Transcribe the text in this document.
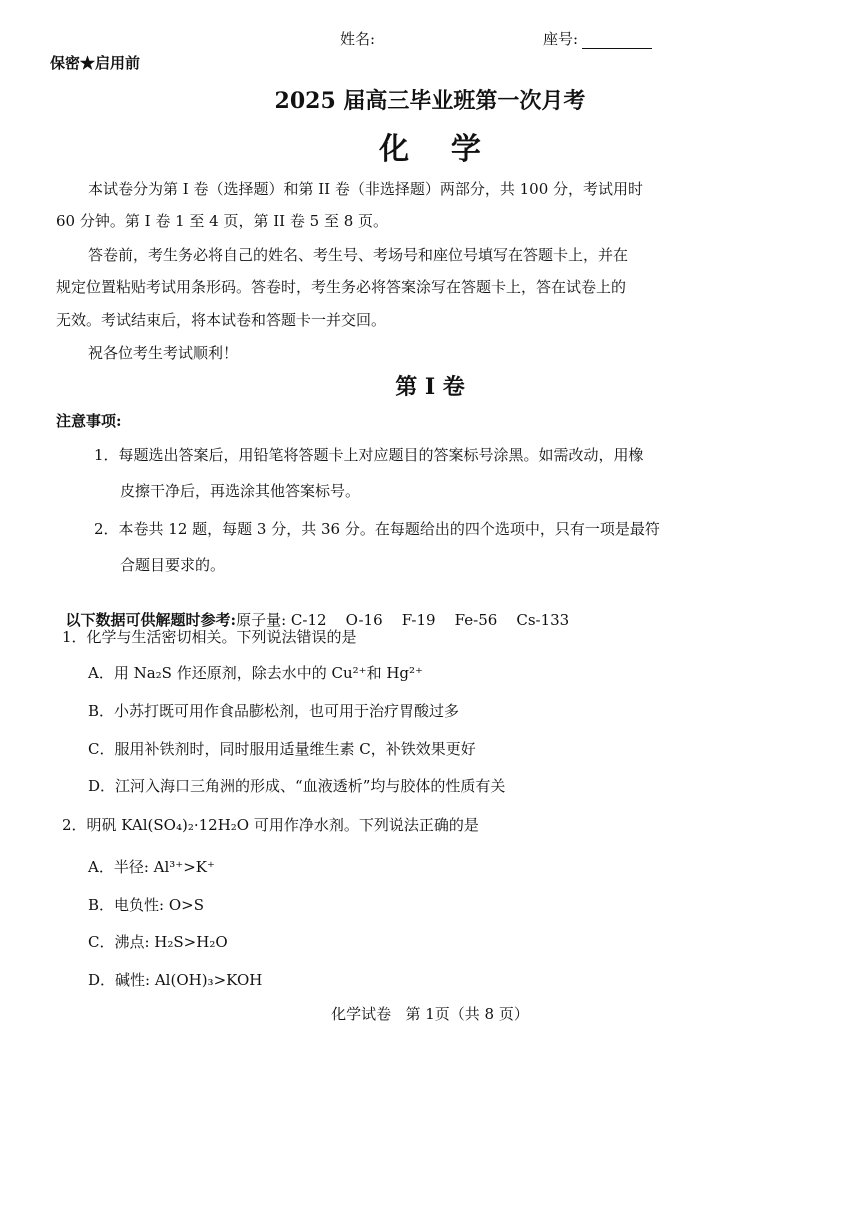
姓名:	座号:
保密★启用前
2025 届高三毕业班第一次月考
化    学
本试卷分为第 I 卷（选择题）和第 II 卷（非选择题）两部分，共 100 分，考试用时
60 分钟。第 I 卷 1 至 4 页，第 II 卷 5 至 8 页。
答卷前，考生务必将自己的姓名、考生号、考场号和座位号填写在答题卡上，并在
规定位置粘贴考试用条形码。答卷时，考生务必将答案涂写在答题卡上，答在试卷上的
无效。考试结束后，将本试卷和答题卡一并交回。
祝各位考生考试顺利！
第 I 卷
注意事项:
1．每题选出答案后，用铅笔将答题卡上对应题目的答案标号涂黑。如需改动，用橡
皮擦干净后，再选涂其他答案标号。
2．本卷共 12 题，每题 3 分，共 36 分。在每题给出的四个选项中，只有一项是最符
合题目要求的。

以下数据可供解题时参考:原子量: C-12    O-16    F-19    Fe-56    Cs-133

1．化学与生活密切相关。下列说法错误的是
A．用 Na₂S 作还原剂，除去水中的 Cu²⁺和 Hg²⁺
B．小苏打既可用作食品膨松剂，也可用于治疗胃酸过多
C．服用补铁剂时，同时服用适量维生素 C，补铁效果更好
D．江河入海口三角洲的形成、“血液透析”均与胶体的性质有关
2．明矾 KAl(SO₄)₂·12H₂O 可用作净水剂。下列说法正确的是
A．半径: Al³⁺>K⁺
B．电负性: O>S
C．沸点: H₂S>H₂O
D．碱性: Al(OH)₃>KOH
化学试卷   第 1页（共 8 页）
